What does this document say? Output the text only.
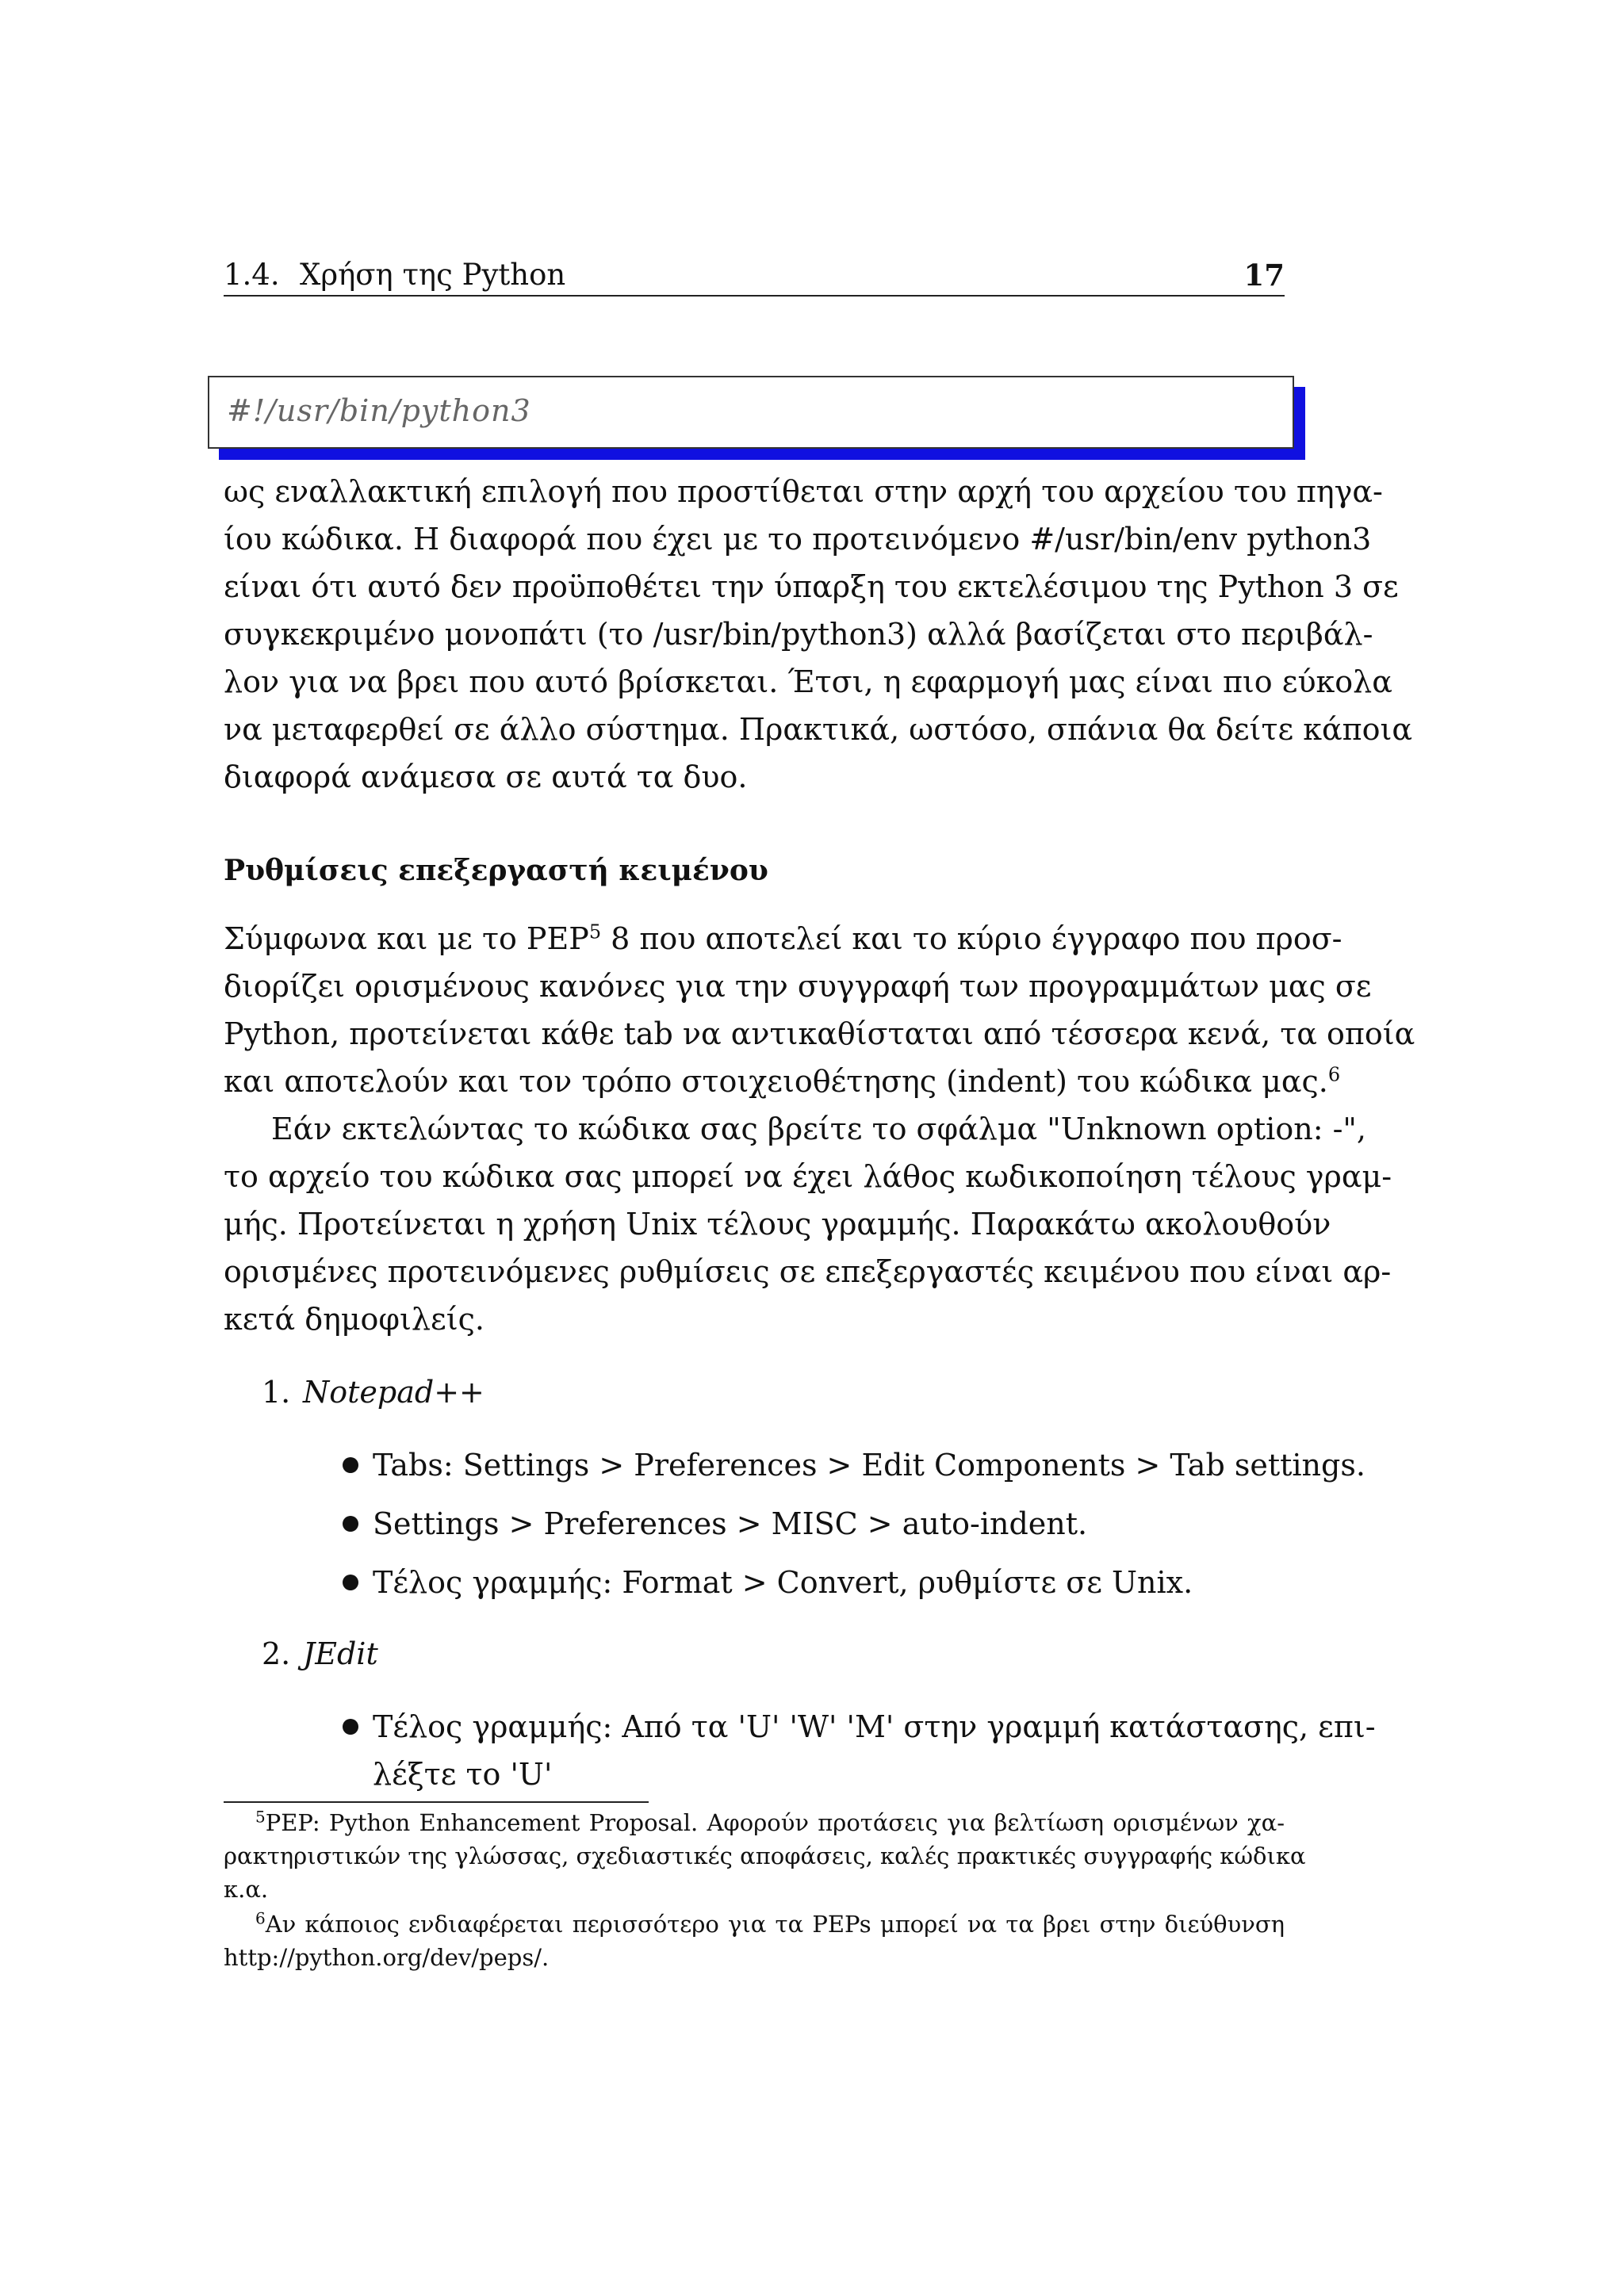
1.4. Χρήση της Python	17
#!/usr/bin/python3
ως εναλλακτική επιλογή που προστίθεται στην αρχή του αρχείου του πηγα-
ίου κώδικα. Η διαφορά που έχει με το προτεινόμενο #/usr/bin/env python3
είναι ότι αυτό δεν προϋποθέτει την ύπαρξη του εκτελέσιμου της Python 3 σε
συγκεκριμένο μονοπάτι (το /usr/bin/python3) αλλά βασίζεται στο περιβάλ-
λον για να βρει που αυτό βρίσκεται. Έτσι, η εφαρμογή μας είναι πιο εύκολα
να μεταφερθεί σε άλλο σύστημα. Πρακτικά, ωστόσο, σπάνια θα δείτε κάποια
διαφορά ανάμεσα σε αυτά τα δυο.
Ρυθμίσεις επεξεργαστή κειμένου
Σύμφωνα και με το PEP$^5$ 8 που αποτελεί και το κύριο έγγραφο που προσ-
διορίζει ορισμένους κανόνες για την συγγραφή των προγραμμάτων μας σε
Python, προτείνεται κάθε tab να αντικαθίσταται από τέσσερα κενά, τα οποία
και αποτελούν και τον τρόπο στοιχειοθέτησης (indent) του κώδικα μας.$^6$
Εάν εκτελώντας το κώδικα σας βρείτε το σφάλμα "Unknown option: -",
το αρχείο του κώδικα σας μπορεί να έχει λάθος κωδικοποίηση τέλους γραμ-
μής. Προτείνεται η χρήση Unix τέλους γραμμής. Παρακάτω ακολουθούν
ορισμένες προτεινόμενες ρυθμίσεις σε επεξεργαστές κειμένου που είναι αρ-
κετά δημοφιλείς.
1. Notepad++
Tabs: Settings > Preferences > Edit Components > Tab settings.
Settings > Preferences > MISC > auto-indent.
Τέλος γραμμής: Format > Convert, ρυθμίστε σε Unix.
2. JEdit
Τέλος γραμμής: Από τα 'U' 'W' 'M' στην γραμμή κατάστασης, επι-
λέξτε το 'U'
$^5$PEP: Python Enhancement Proposal. Αφορούν προτάσεις για βελτίωση ορισμένων χα-
ρακτηριστικών της γλώσσας, σχεδιαστικές αποφάσεις, καλές πρακτικές συγγραφής κώδικα
κ.α.
$^6$Αν κάποιος ενδιαφέρεται περισσότερο για τα PEPs μπορεί να τα βρει στην διεύθυνση
http://python.org/dev/peps/.
